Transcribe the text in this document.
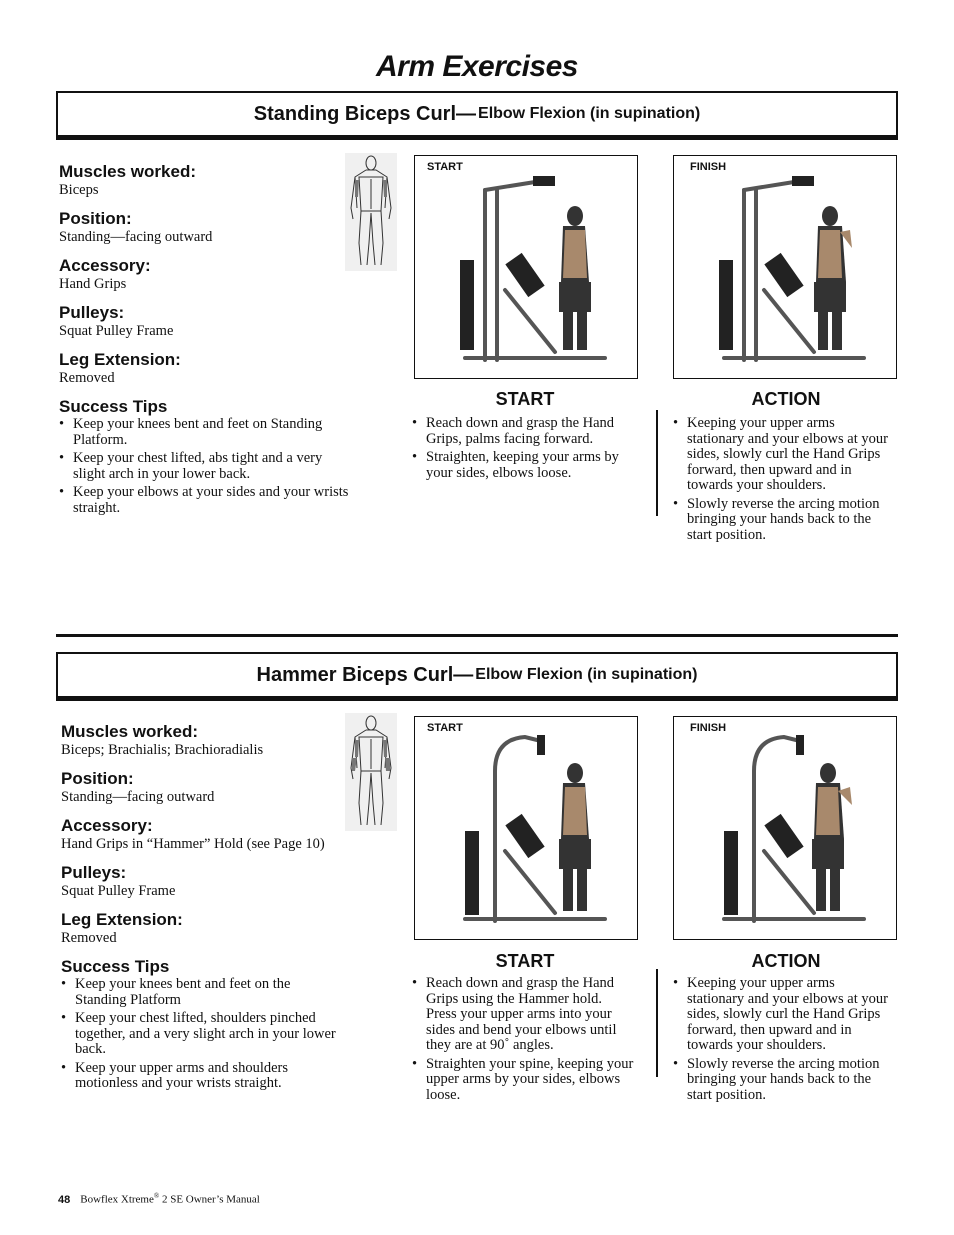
Arm Exercises
Standing Biceps Curl— Elbow Flexion (in supination)
Muscles worked:

Biceps

Position:

Standing—facing outward

Accessory:

Hand Grips

Pulleys:

Squat Pulley Frame

Leg Extension:

Removed

Success Tips
• Keep your knees bent and feet on Standing Platform.
• Keep your chest lifted, abs tight and a very slight arch in your lower back.
• Keep your elbows at your sides and your wrists straight.
START	FINISH
START
• Reach down and grasp the Hand Grips, palms facing forward.
• Straighten, keeping your arms by your sides, elbows loose.
ACTION
• Keeping your upper arms stationary and your elbows at your sides, slowly curl the Hand Grips forward, then upward and in towards your shoulders.
• Slowly reverse the arcing motion bringing your hands back to the start position.
Hammer Biceps Curl— Elbow Flexion (in supination)
Muscles worked:

Biceps; Brachialis; Brachioradialis

Position:

Standing—facing outward

Accessory:

Hand Grips in “Hammer” Hold (see Page 10)

Pulleys:

Squat Pulley Frame

Leg Extension:

Removed

Success Tips
• Keep your knees bent and feet on the Standing Platform
• Keep your chest lifted, shoulders pinched together, and a very slight arch in your lower back.
• Keep your upper arms and shoulders motionless and your wrists straight.
START	FINISH
START
• Reach down and grasp the Hand Grips using the Hammer hold. Press your upper arms into your sides and bend your elbows until they are at 90˚ angles.
• Straighten your spine, keeping your upper arms by your sides, elbows loose.
ACTION
• Keeping your upper arms stationary and your elbows at your sides, slowly curl the Hand Grips forward, then upward and in towards your shoulders.
• Slowly reverse the arcing motion bringing your hands back to the start position.
48 Bowflex Xtreme® 2 SE Owner’s Manual
